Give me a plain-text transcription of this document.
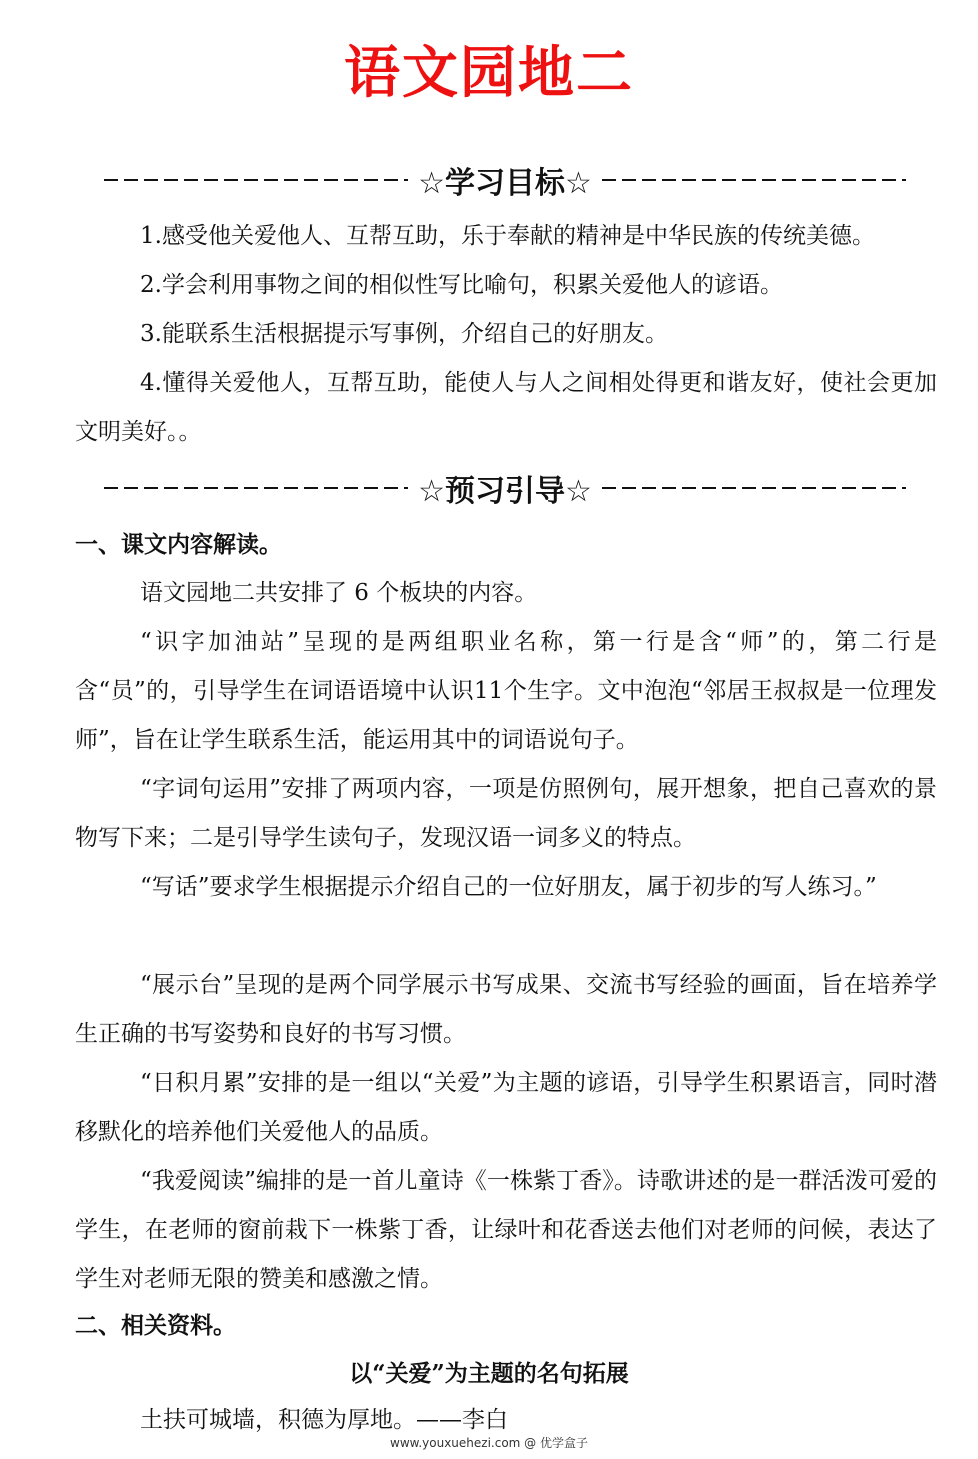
语文园地二
☆学习目标☆
1.感受他关爱他人、互帮互助，乐于奉献的精神是中华民族的传统美德。
2.学会利用事物之间的相似性写比喻句，积累关爱他人的谚语。
3.能联系生活根据提示写事例，介绍自己的好朋友。
4.懂得关爱他人，互帮互助，能使人与人之间相处得更和谐友好，使社会更加文明美好。。
☆预习引导☆
一、课文内容解读。
语文园地二共安排了 6 个板块的内容。
“识字加油站”呈现的是两组职业名称，第一行是含“师”的，第二行是含“员”的，引导学生在词语语境中认识11个生字。文中泡泡“邻居王叔叔是一位理发师”，旨在让学生联系生活，能运用其中的词语说句子。
“字词句运用”安排了两项内容，一项是仿照例句，展开想象，把自己喜欢的景物写下来；二是引导学生读句子，发现汉语一词多义的特点。
“写话”要求学生根据提示介绍自己的一位好朋友，属于初步的写人练习。”
“展示台”呈现的是两个同学展示书写成果、交流书写经验的画面，旨在培养学生正确的书写姿势和良好的书写习惯。
“日积月累”安排的是一组以“关爱”为主题的谚语，引导学生积累语言，同时潜移默化的培养他们关爱他人的品质。
“我爱阅读”编排的是一首儿童诗《一株紫丁香》。诗歌讲述的是一群活泼可爱的学生，在老师的窗前栽下一株紫丁香，让绿叶和花香送去他们对老师的问候，表达了学生对老师无限的赞美和感激之情。
二、相关资料。
以“关爱”为主题的名句拓展
土扶可城墙，积德为厚地。——李白
www.youxuehezi.com @ 优学盒子
